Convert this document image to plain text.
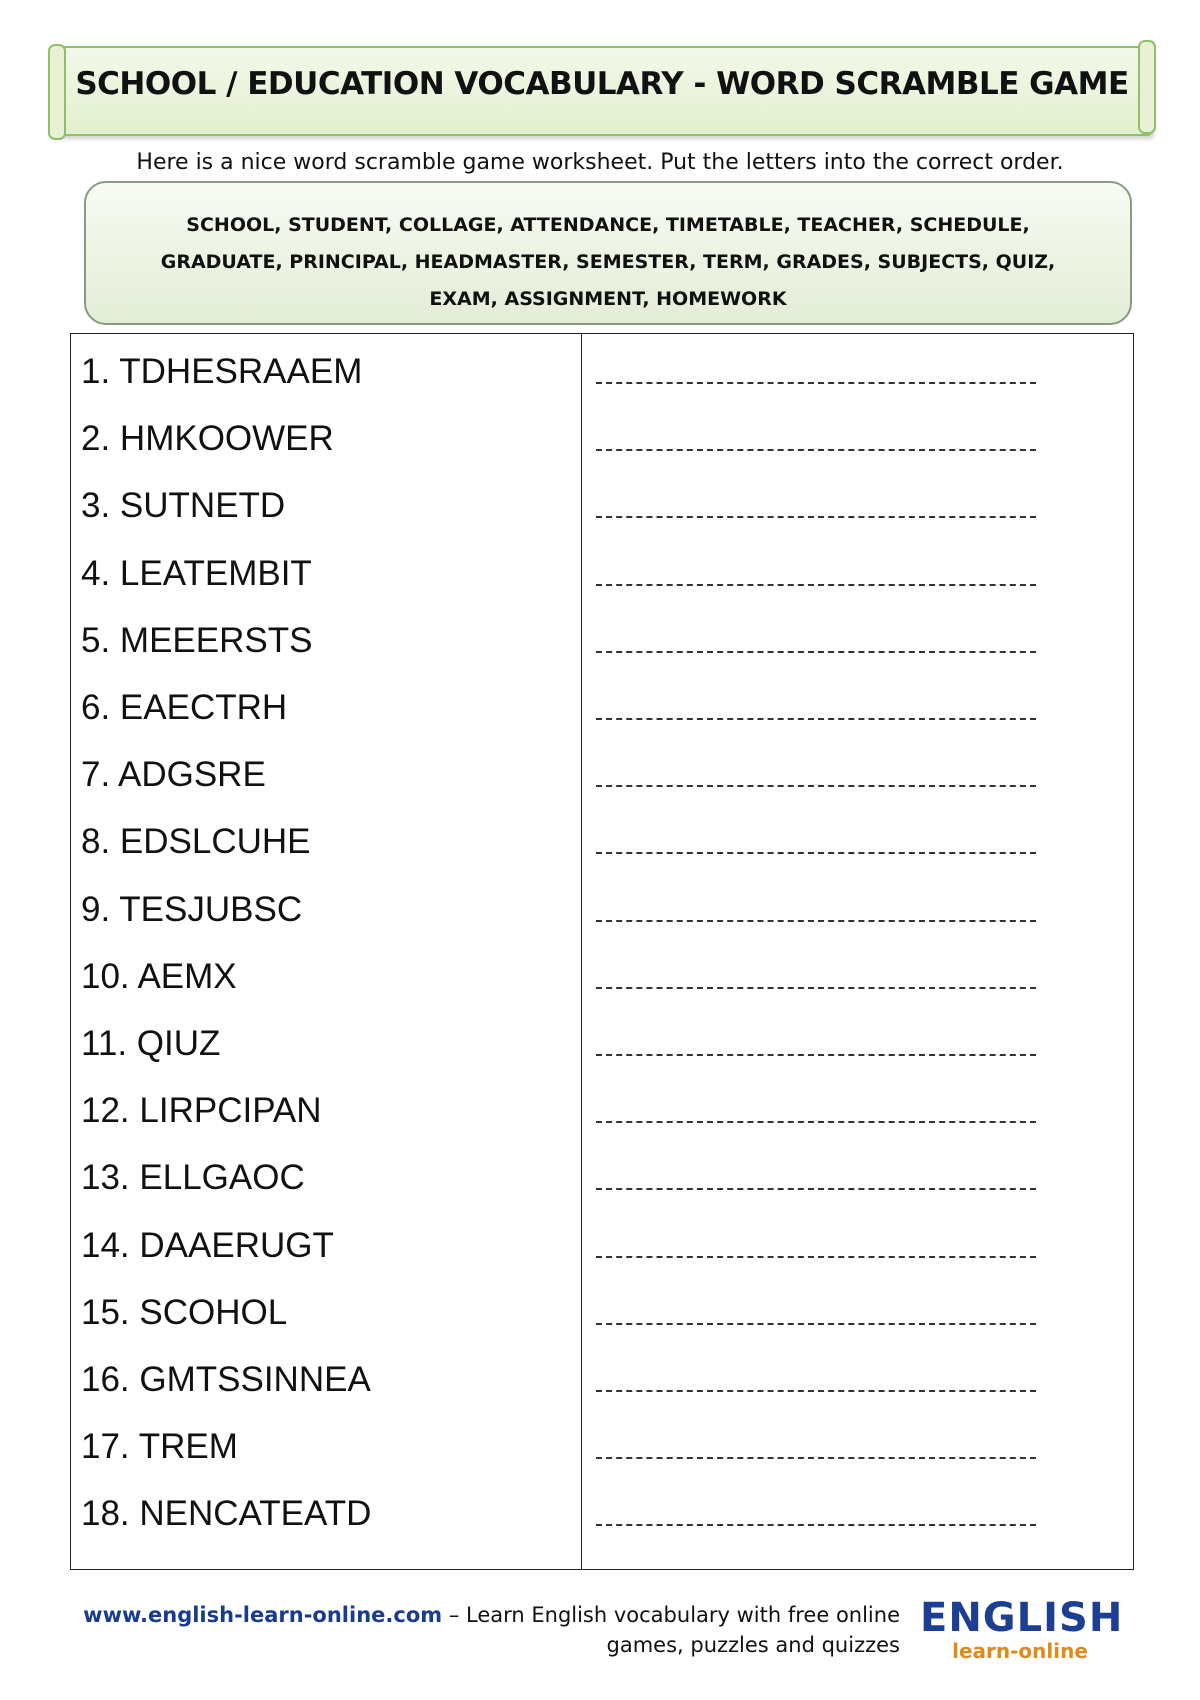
SCHOOL / EDUCATION VOCABULARY - WORD SCRAMBLE GAME
Here is a nice word scramble game worksheet. Put the letters into the correct order.
SCHOOL, STUDENT, COLLAGE, ATTENDANCE, TIMETABLE, TEACHER, SCHEDULE,
GRADUATE, PRINCIPAL, HEADMASTER, SEMESTER, TERM, GRADES, SUBJECTS, QUIZ,
EXAM, ASSIGNMENT, HOMEWORK
1. TDHESRAAEM
2. HMKOOWER
3. SUTNETD
4. LEATEMBIT
5. MEEERSTS
6. EAECTRH
7. ADGSRE
8. EDSLCUHE
9. TESJUBSC
10. AEMX
11. QIUZ
12. LIRPCIPAN
13. ELLGAOC
14. DAAERUGT
15. SCOHOL
16. GMTSSINNEA
17. TREM
18. NENCATEATD
www.english-learn-online.com – Learn English vocabulary with free online
games, puzzles and quizzes
ENGLISH
learn-online
